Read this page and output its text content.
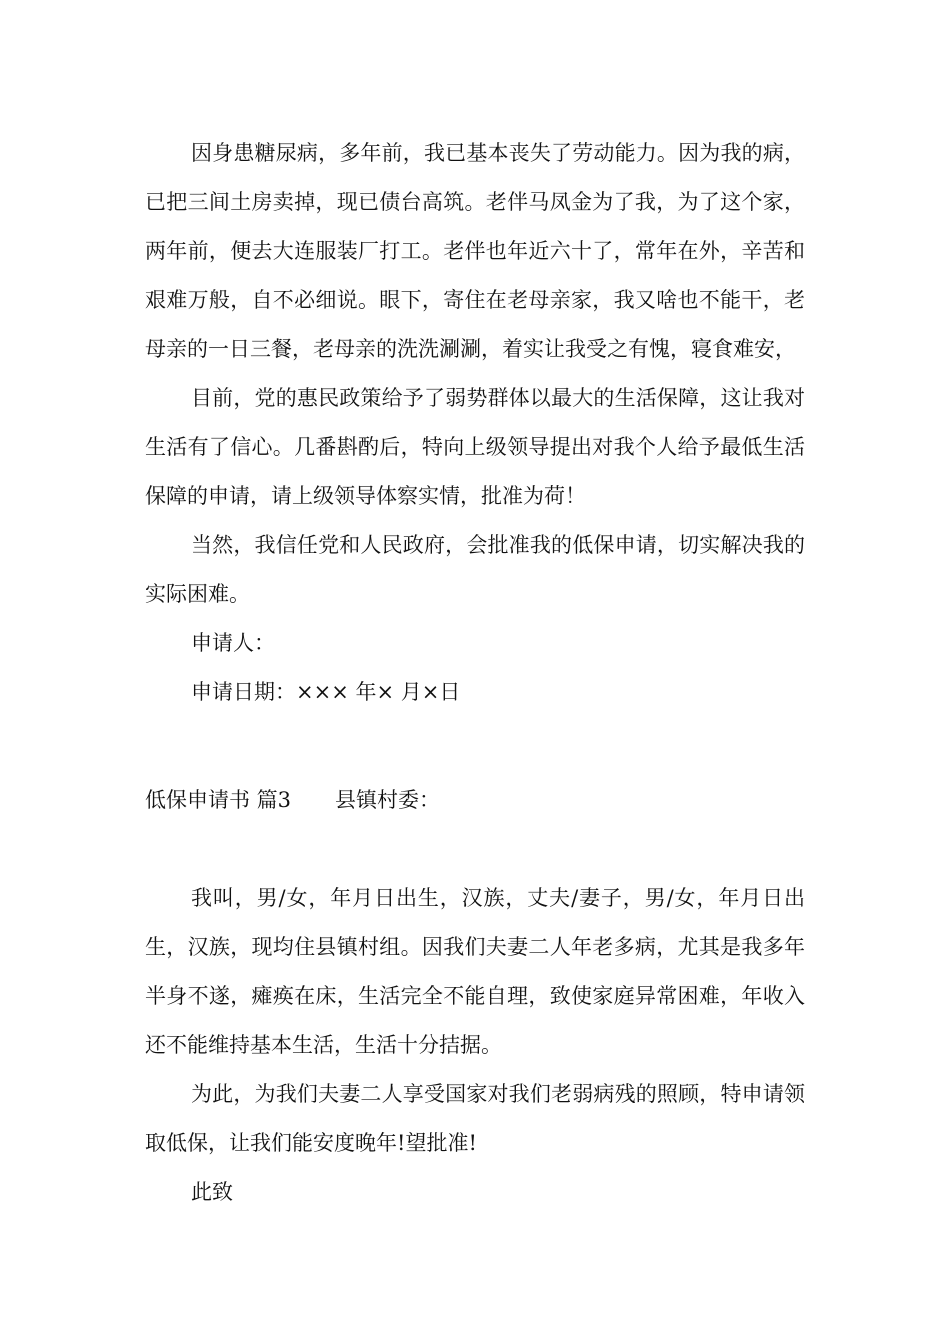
因身患糖尿病，多年前，我已基本丧失了劳动能力。因为我的病，已把三间土房卖掉，现已债台高筑。老伴马凤金为了我，为了这个家，两年前，便去大连服装厂打工。老伴也年近六十了，常年在外，辛苦和艰难万般，自不必细说。眼下，寄住在老母亲家，我又啥也不能干，老母亲的一日三餐，老母亲的洗洗涮涮，着实让我受之有愧，寝食难安，

目前，党的惠民政策给予了弱势群体以最大的生活保障，这让我对生活有了信心。几番斟酌后，特向上级领导提出对我个人给予最低生活保障的申请，请上级领导体察实情，批准为荷！

当然，我信任党和人民政府，会批准我的低保申请，切实解决我的实际困难。

申请人：

申请日期：××× 年× 月×日

低保申请书 篇3 县镇村委：

我叫，男/女，年月日出生，汉族，丈夫/妻子，男/女，年月日出生，汉族，现均住县镇村组。因我们夫妻二人年老多病，尤其是我多年半身不遂，瘫痪在床，生活完全不能自理，致使家庭异常困难，年收入还不能维持基本生活，生活十分拮据。

为此，为我们夫妻二人享受国家对我们老弱病残的照顾，特申请领取低保，让我们能安度晚年!望批准!

此致
